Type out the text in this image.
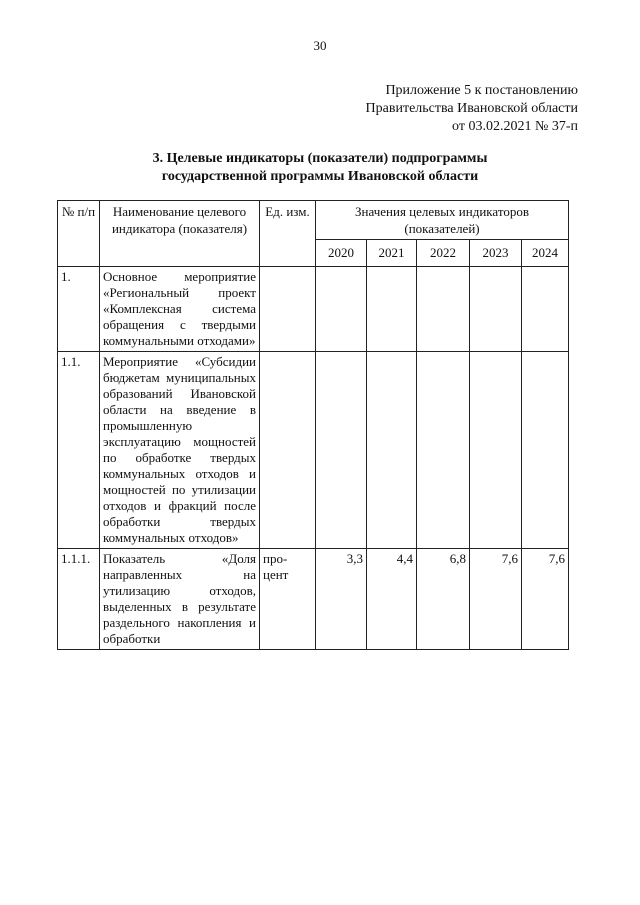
30
Приложение 5 к постановлению
Правительства Ивановской области
от 03.02.2021 № 37-п
3. Целевые индикаторы (показатели) подпрограммы
государственной программы Ивановской области
№ п/п	Наименование целевого индикатора (показателя)	Ед. изм.	Значения целевых индикаторов (показателей)				
			2020	2021	2022	2023	2024
1.	Основное мероприятие «Региональный проект «Комплексная система обращения с твердыми коммунальными отходами»						
1.1.	Мероприятие «Субсидии бюджетам муниципальных образований Ивановской области на введение в промышленную эксплуатацию мощностей по обработке твердых коммунальных отходов и мощностей по утилизации отходов и фракций после обработки твердых коммунальных отходов»						
1.1.1.	Показатель «Доля направленных на утилизацию отходов, выделенных в результате раздельного накопления и обработки	про-цент	3,3	4,4	6,8	7,6	7,6
